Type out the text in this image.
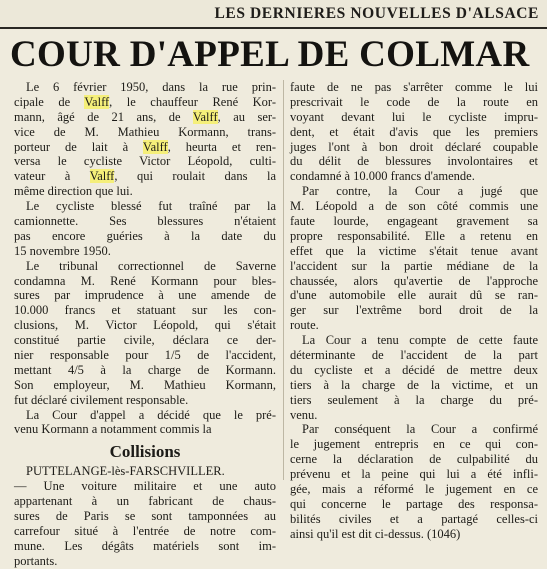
LES DERNIERES NOUVELLES D'ALSACE
COUR D'APPEL DE COLMAR
Le 6 février 1950, dans la rue prin-
cipale de Valff, le chauffeur René Kor-
mann, âgé de 21 ans, de Valff, au ser-
vice de M. Mathieu Kormann, trans-
porteur de lait à Valff, heurta et ren-
versa le cycliste Victor Léopold, culti-
vateur à Valff, qui roulait dans la
même direction que lui.
Le cycliste blessé fut traîné par la
camionnette. Ses blessures n'étaient
pas encore guéries à la date du
15 novembre 1950.
Le tribunal correctionnel de Saverne
condamna M. René Kormann pour bles-
sures par imprudence à une amende de
10.000 francs et statuant sur les con-
clusions, M. Victor Léopold, qui s'était
constitué partie civile, déclara ce der-
nier responsable pour 1/5 de l'accident,
mettant 4/5 à la charge de Kormann.
Son employeur, M. Mathieu Kormann,
fut déclaré civilement responsable.
La Cour d'appel a décidé que le pré-
venu Kormann a notamment commis la
Collisions
PUTTELANGE-lès-FARSCHVILLER.
— Une voiture militaire et une auto
appartenant à un fabricant de chaus-
sures de Paris se sont tamponnées au
carrefour situé à l'entrée de notre com-
mune. Les dégâts matériels sont im-
portants.
faute de ne pas s'arrêter comme le lui
prescrivait le code de la route en
voyant devant lui le cycliste impru-
dent, et était d'avis que les premiers
juges l'ont à bon droit déclaré coupable
du délit de blessures involontaires et
condamné à 10.000 francs d'amende.
Par contre, la Cour a jugé que
M. Léopold a de son côté commis une
faute lourde, engageant gravement sa
propre responsabilité. Elle a retenu en
effet que la victime s'était tenue avant
l'accident sur la partie médiane de la
chaussée, alors qu'avertie de l'approche
d'une automobile elle aurait dû se ran-
ger sur l'extrême bord droit de la
route.
La Cour a tenu compte de cette faute
déterminante de l'accident de la part
du cycliste et a décidé de mettre deux
tiers à la charge de la victime, et un
tiers seulement à la charge du pré-
venu.
Par conséquent la Cour a confirmé
le jugement entrepris en ce qui con-
cerne la déclaration de culpabilité du
prévenu et la peine qui lui a été infli-
gée, mais a réformé le jugement en ce
qui concerne le partage des responsa-
bilités civiles et a partagé celles-ci
ainsi qu'il est dit ci-dessus. (1046)
